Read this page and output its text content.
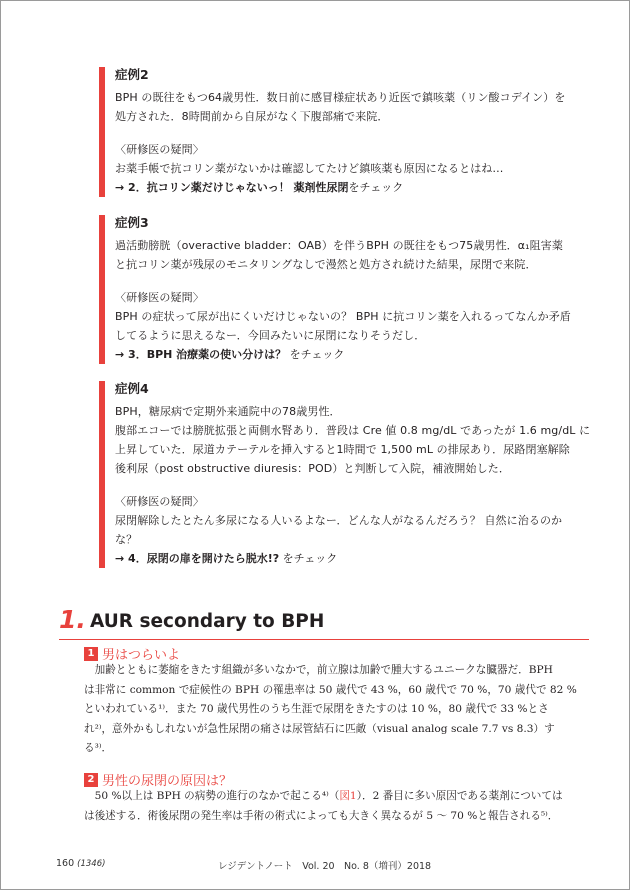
症例2
BPH の既往をもつ64歳男性．数日前に感冒様症状あり近医で鎮咳薬（リン酸コデイン）を
処方された．8時間前から自尿がなく下腹部痛で来院．
〈研修医の疑問〉
お薬手帳で抗コリン薬がないかは確認してたけど鎮咳薬も原因になるとはね…
→ 2．抗コリン薬だけじゃないっ！ 薬剤性尿閉をチェック
症例3
過活動膀胱（overactive bladder：OAB）を伴うBPH の既往をもつ75歳男性．α₁阻害薬
と抗コリン薬が残尿のモニタリングなしで漫然と処方され続けた結果，尿閉で来院．
〈研修医の疑問〉
BPH の症状って尿が出にくいだけじゃないの？ BPH に抗コリン薬を入れるってなんか矛盾
してるように思えるなー．今回みたいに尿閉になりそうだし．
→ 3．BPH 治療薬の使い分けは？ をチェック
症例4
BPH，糖尿病で定期外来通院中の78歳男性．
腹部エコーでは膀胱拡張と両側水腎あり．普段は Cre 値 0.8 mg/dL であったが 1.6 mg/dL に
上昇していた．尿道カテーテルを挿入すると1時間で 1,500 mL の排尿あり．尿路閉塞解除
後利尿（post obstructive diuresis：POD）と判断して入院，補液開始した．
〈研修医の疑問〉
尿閉解除したとたん多尿になる人いるよなー．どんな人がなるんだろう？ 自然に治るのか
な？
→ 4．尿閉の扉を開けたら脱水!? をチェック
1. AUR secondary to BPH
1 男はつらいよ
　加齢とともに萎縮をきたす組織が多いなかで，前立腺は加齢で腫大するユニークな臓器だ．BPH
は非常に common で症候性の BPH の罹患率は 50 歳代で 43 %，60 歳代で 70 %，70 歳代で 82 %
といわれている¹⁾．また 70 歳代男性のうち生涯で尿閉をきたすのは 10 %，80 歳代で 33 %とさ
れ²⁾，意外かもしれないが急性尿閉の痛さは尿管結石に匹敵（visual analog scale 7.7 vs 8.3）す
る³⁾．
2 男性の尿閉の原因は？
　50 %以上は BPH の病勢の進行のなかで起こる⁴⁾（図1）．2 番目に多い原因である薬剤については
は後述する．術後尿閉の発生率は手術の術式によっても大きく異なるが 5 ～ 70 %と報告される⁵⁾．
160 (1346)	レジデントノート　Vol. 20　No. 8（増刊）2018
